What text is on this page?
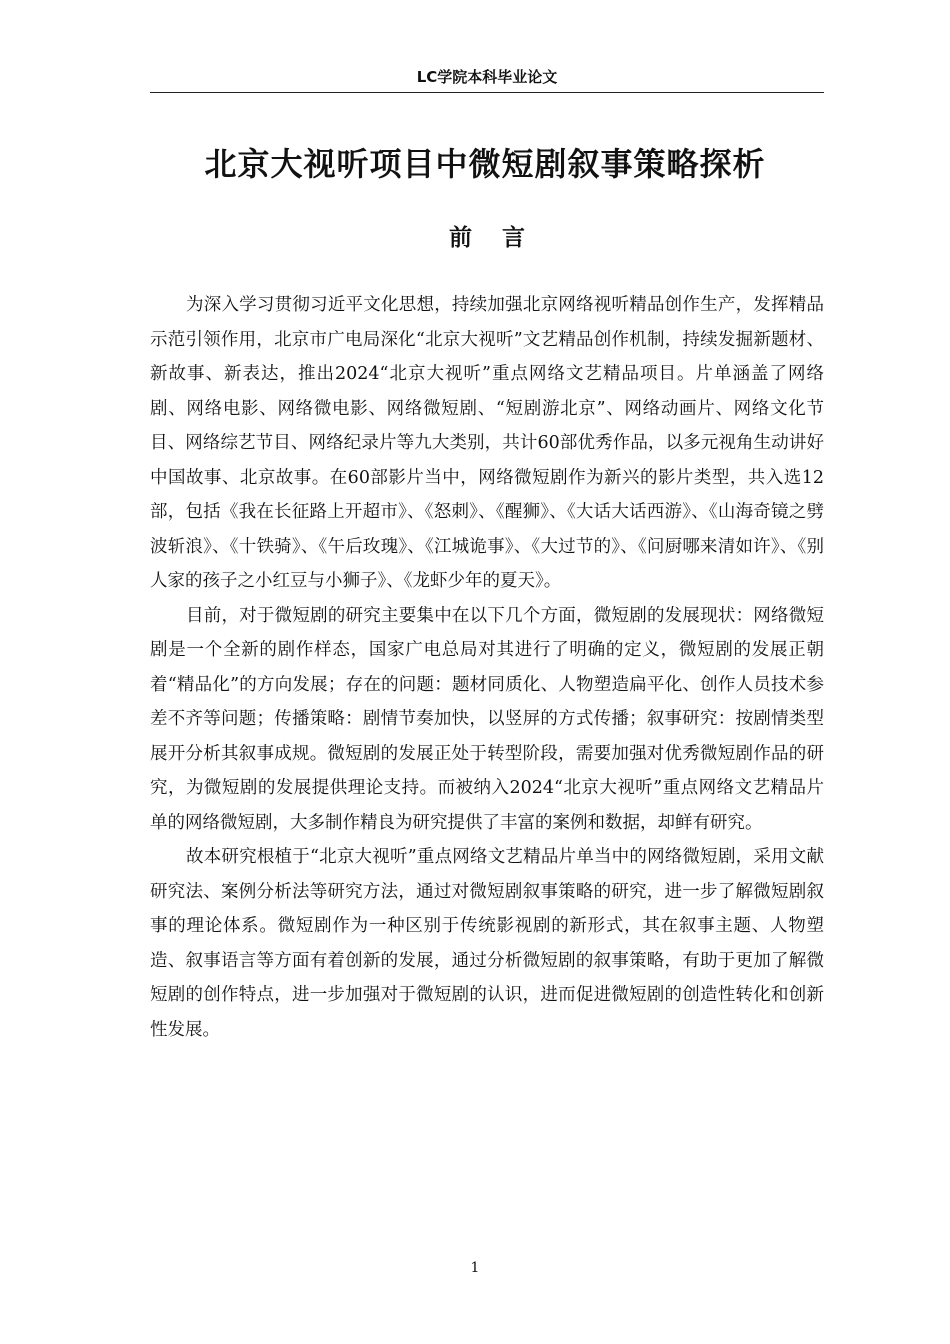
LC学院本科毕业论文
北京大视听项目中微短剧叙事策略探析
前言

为深入学习贯彻习近平文化思想，持续加强北京网络视听精品创作生产，发挥精品示范引领作用，北京市广电局深化“北京大视听”文艺精品创作机制，持续发掘新题材、新故事、新表达，推出2024“北京大视听”重点网络文艺精品项目。片单涵盖了网络剧、网络电影、网络微电影、网络微短剧、“短剧游北京”、网络动画片、网络文化节目、网络综艺节目、网络纪录片等九大类别，共计60部优秀作品，以多元视角生动讲好中国故事、北京故事。在60部影片当中，网络微短剧作为新兴的影片类型，共入选12部，包括《我在长征路上开超市》、《怒刺》、《醒狮》、《大话大话西游》、《山海奇镜之劈波斩浪》、《十铁骑》、《午后玫瑰》、《江城诡事》、《大过节的》、《问厨哪来清如许》、《别人家的孩子之小红豆与小狮子》、《龙虾少年的夏天》。

目前，对于微短剧的研究主要集中在以下几个方面，微短剧的发展现状：网络微短剧是一个全新的剧作样态，国家广电总局对其进行了明确的定义，微短剧的发展正朝着“精品化”的方向发展；存在的问题：题材同质化、人物塑造扁平化、创作人员技术参差不齐等问题；传播策略：剧情节奏加快，以竖屏的方式传播；叙事研究：按剧情类型展开分析其叙事成规。微短剧的发展正处于转型阶段，需要加强对优秀微短剧作品的研究，为微短剧的发展提供理论支持。而被纳入2024“北京大视听”重点网络文艺精品片单的网络微短剧，大多制作精良为研究提供了丰富的案例和数据，却鲜有研究。

故本研究根植于“北京大视听”重点网络文艺精品片单当中的网络微短剧，采用文献研究法、案例分析法等研究方法，通过对微短剧叙事策略的研究，进一步了解微短剧叙事的理论体系。微短剧作为一种区别于传统影视剧的新形式，其在叙事主题、人物塑造、叙事语言等方面有着创新的发展，通过分析微短剧的叙事策略，有助于更加了解微短剧的创作特点，进一步加强对于微短剧的认识，进而促进微短剧的创造性转化和创新性发展。

1
